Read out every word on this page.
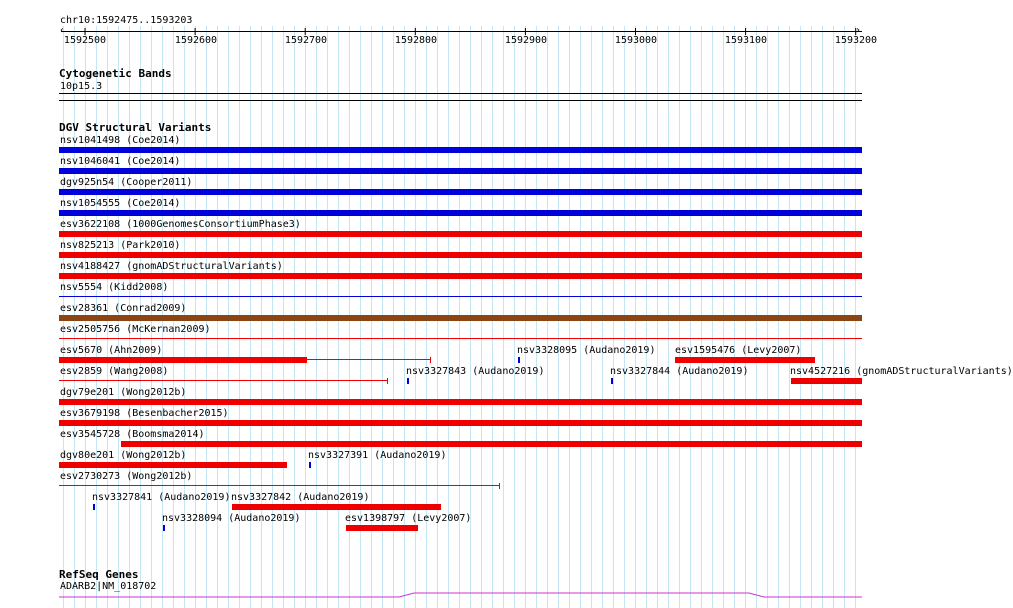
chr10:1592475..1593203
‹	›
1592500	1592600	1592700	1592800	1592900	1593000	1593100	1593200
Cytogenetic Bands
10p15.3
DGV Structural Variants
nsv1041498 (Coe2014)
nsv1046041 (Coe2014)
dgv925n54 (Cooper2011)
nsv1054555 (Coe2014)
esv3622108 (1000GenomesConsortiumPhase3)
nsv825213 (Park2010)
nsv4188427 (gnomADStructuralVariants)
nsv5554 (Kidd2008)
esv28361 (Conrad2009)
esv2505756 (McKernan2009)
esv5670 (Ahn2009)	nsv3328095 (Audano2019) esv1595476 (Levy2007)
esv2859 (Wang2008)	nsv3327843 (Audano2019)	nsv3327844 (Audano2019)	nsv4527216 (gnomADStructuralVariants)
dgv79e201 (Wong2012b)
esv3679198 (Besenbacher2015)
esv3545728 (Boomsma2014)
dgv80e201 (Wong2012b)	nsv3327391 (Audano2019)
esv2730273 (Wong2012b)
nsv3327841 (Audano2019) nsv3327842 (Audano2019)
nsv3328094 (Audano2019)	esv1398797 (Levy2007)
RefSeq Genes
ADARB2|NM_018702
